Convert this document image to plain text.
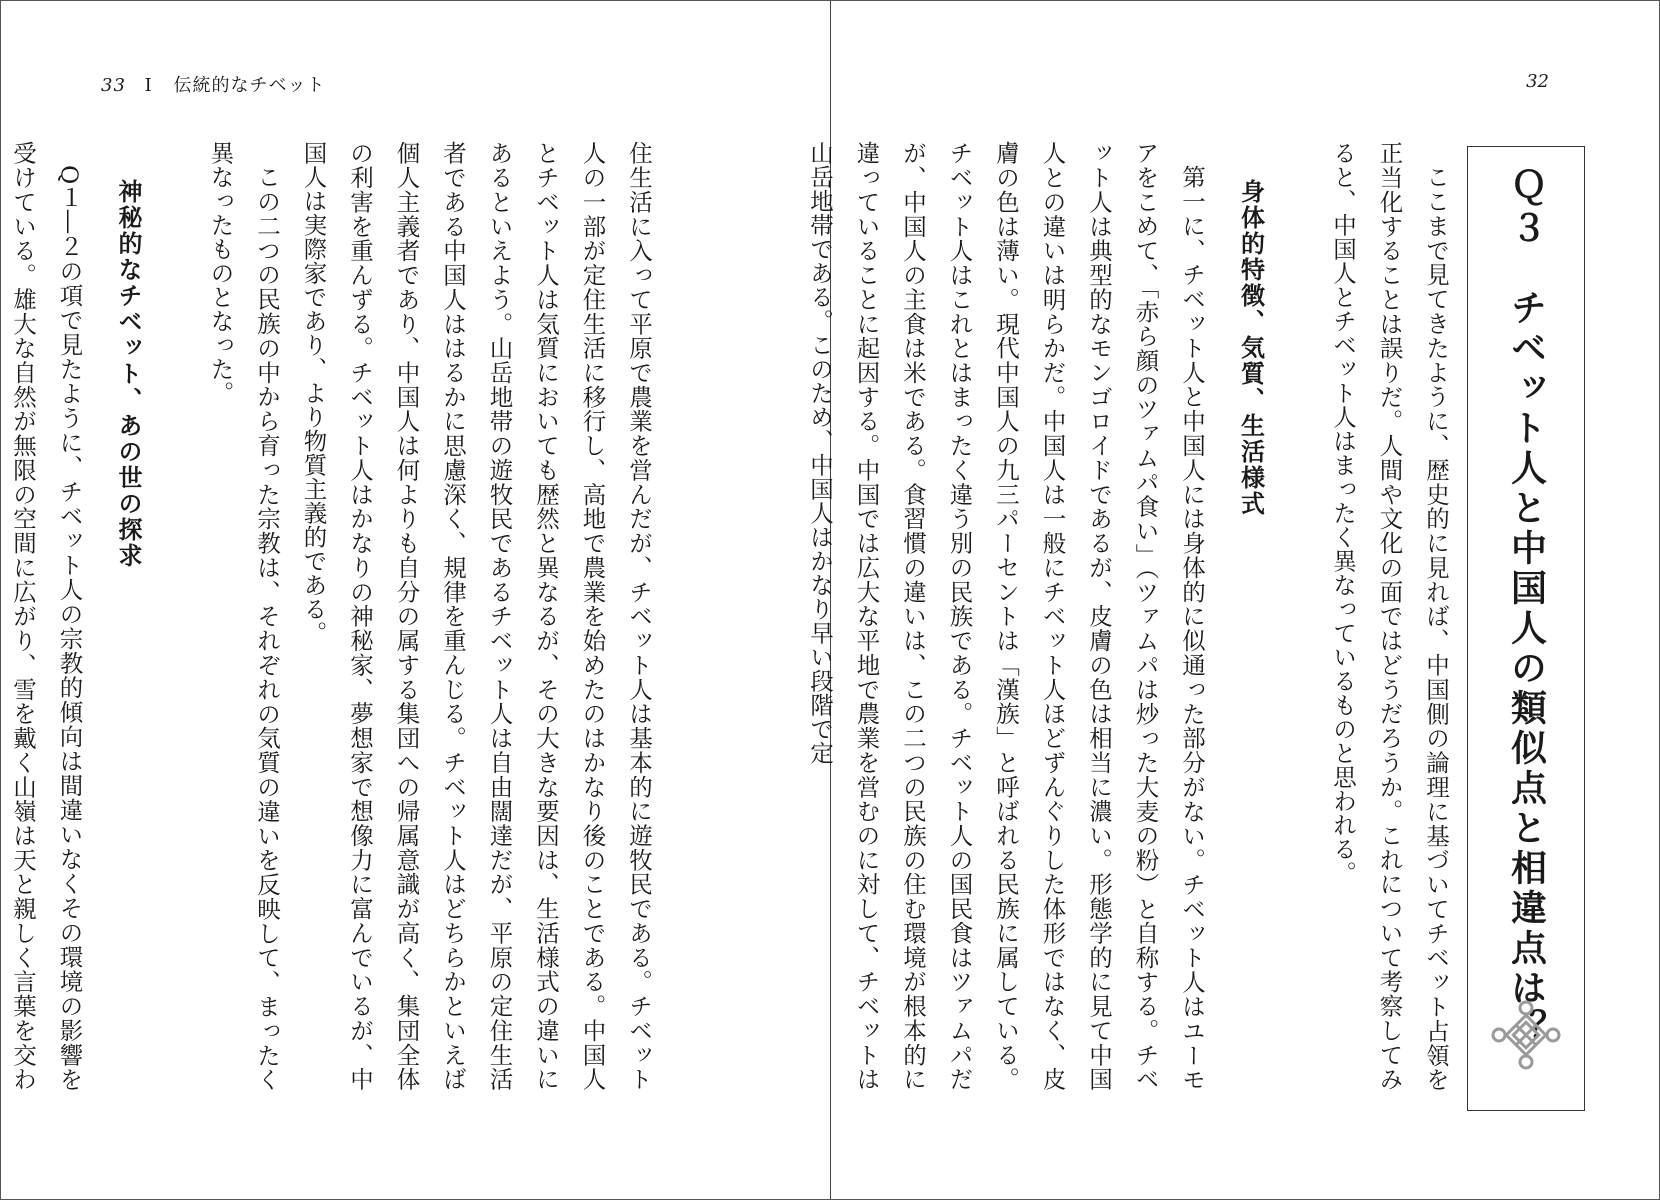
33 Ⅰ 伝統的なチベット

住生活に入って平原で農業を営んだが、チベット人は基本的に遊牧民である。チベット人の一部が定住生活に移行し、高地で農業を始めたのはかなり後のことである。中国人とチベット人は気質においても歴然と異なるが、その大きな要因は、生活様式の違いにあるといえよう。山岳地帯の遊牧民であるチベット人は自由闊達だが、平原の定住生活者である中国人ははるかに思慮深く、規律を重んじる。チベット人はどちらかといえば個人主義者であり、中国人は何よりも自分の属する集団への帰属意識が高く、集団全体の利害を重んずる。チベット人はかなりの神秘家、夢想家で想像力に富んでいるが、中国人は実際家であり、より物質主義的である。

この二つの民族の中から育った宗教は、それぞれの気質の違いを反映して、まったく異なったものとなった。

神秘的なチベット、あの世の探求

Q１―２の項で見たように、チベット人の宗教的傾向は間違いなくその環境の影響を受けている。雄大な自然が無限の空間に広がり、雪を戴く山嶺は天と親しく言葉を交わ

32
Ｑ３　チベット人と中国人の類似点と相違点は？

ここまで見てきたように、歴史的に見れば、中国側の論理に基づいてチベット占領を正当化することは誤りだ。人間や文化の面ではどうだろうか。これについて考察してみると、中国人とチベット人はまったく異なっているものと思われる。

身体的特徴、気質、生活様式

第一に、チベット人と中国人には身体的に似通った部分がない。チベット人はユーモアをこめて、「赤ら顔のツァムパ食い」（ツァムパは炒った大麦の粉）と自称する。チベット人は典型的なモンゴロイドであるが、皮膚の色は相当に濃い。形態学的に見て中国人との違いは明らかだ。中国人は一般にチベット人ほどずんぐりした体形ではなく、皮膚の色は薄い。現代中国人の九三パーセントは「漢族」と呼ばれる民族に属している。チベット人はこれとはまったく違う別の民族である。チベット人の国民食はツァムパだが、中国人の主食は米である。食習慣の違いは、この二つの民族の住む環境が根本的に違っていることに起因する。中国では広大な平地で農業を営むのに対して、チベットは山岳地帯である。このため、中国人はかなり早い段階で定
